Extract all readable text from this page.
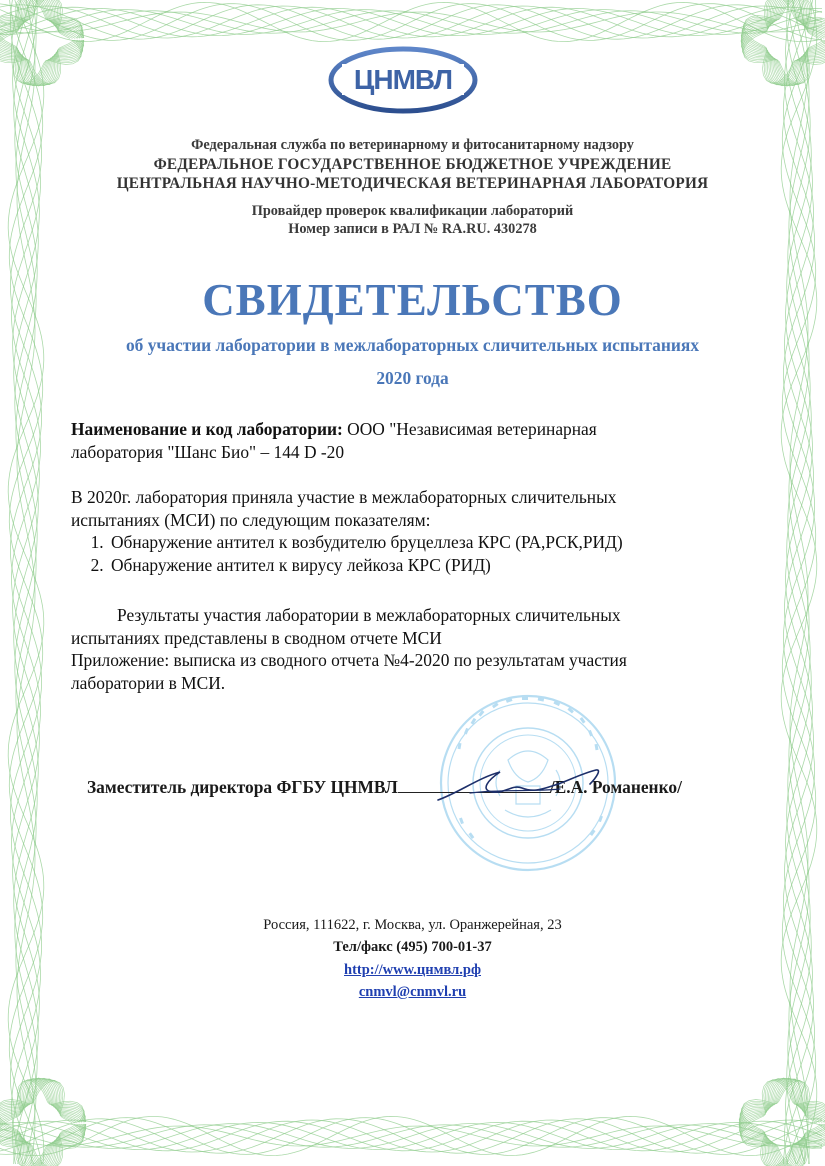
ЦНМВЛ
Федеральная служба по ветеринарному и фитосанитарному надзору
ФЕДЕРАЛЬНОЕ ГОСУДАРСТВЕННОЕ БЮДЖЕТНОЕ УЧРЕЖДЕНИЕ
ЦЕНТРАЛЬНАЯ НАУЧНО-МЕТОДИЧЕСКАЯ ВЕТЕРИНАРНАЯ ЛАБОРАТОРИЯ
Провайдер проверок квалификации лабораторий
Номер записи в РАЛ № RA.RU. 430278
СВИДЕТЕЛЬСТВО
об участии лаборатории в межлабораторных сличительных испытаниях
2020 года
Наименование и код лаборатории: ООО "Независимая ветеринарная
лаборатория "Шанс Био" – 144 D -20
В 2020г. лаборатория приняла участие в межлабораторных сличительных
испытаниях (МСИ) по следующим показателям:
1. Обнаружение антител к возбудителю бруцеллеза КРС (РА,РСК,РИД)
2. Обнаружение антител к вирусу лейкоза КРС (РИД)
Результаты участия лаборатории в межлабораторных сличительных
испытаниях представлены в сводном отчете МСИ
Приложение: выписка из сводного отчета №4-2020 по результатам участия
лаборатории в МСИ.
Заместитель директора ФГБУ ЦНМВЛ	/Е.А. Романенко/
Россия, 111622, г. Москва, ул. Оранжерейная, 23
Тел/факс (495) 700-01-37
http://www.цнмвл.рф
cnmvl@cnmvl.ru
